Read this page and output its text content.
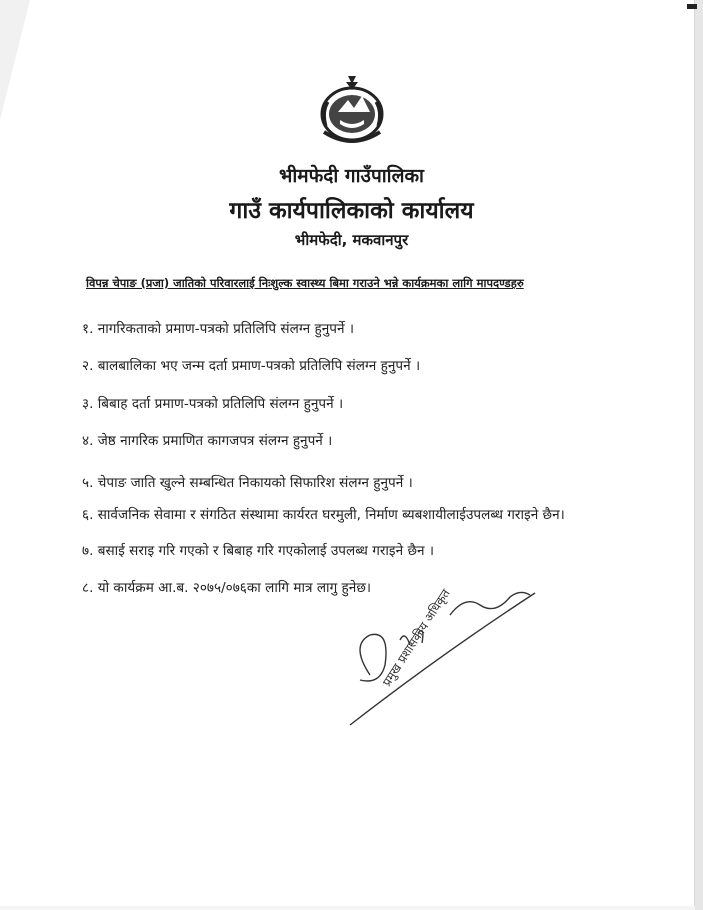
भीमफेदी गाउँपालिका
गाउँ कार्यपालिकाको कार्यालय
भीमफेदी, मकवानपुर
विपन्न चेपाङ (प्रजा) जातिको परिवारलाई निःशुल्क स्वास्थ्य बिमा गराउने भन्ने कार्यक्रमका लागि मापदण्डहरु
१. नागरिकताको प्रमाण-पत्रको प्रतिलिपि संलग्न हुनुपर्ने ।
२. बालबालिका भए जन्म दर्ता प्रमाण-पत्रको प्रतिलिपि संलग्न हुनुपर्ने ।
३. बिबाह दर्ता प्रमाण-पत्रको प्रतिलिपि संलग्न हुनुपर्ने ।
४. जेष्ठ नागरिक प्रमाणित कागजपत्र संलग्न हुनुपर्ने ।
५. चेपाङ जाति खुल्ने सम्बन्धित निकायको सिफारिश संलग्न हुनुपर्ने ।
६. सार्वजनिक सेवामा र संगठित संस्थामा कार्यरत घरमुली, निर्माण ब्यबशायीलाईउपलब्ध गराइने छैन।
७. बसाई सराइ गरि गएको र बिबाह गरि गएकोलाई उपलब्ध गराइने छैन ।
८. यो कार्यक्रम आ.ब. २०७५/०७६का लागि मात्र लागु हुनेछ। प्रमुख प्रशासकीय अधिकृत
